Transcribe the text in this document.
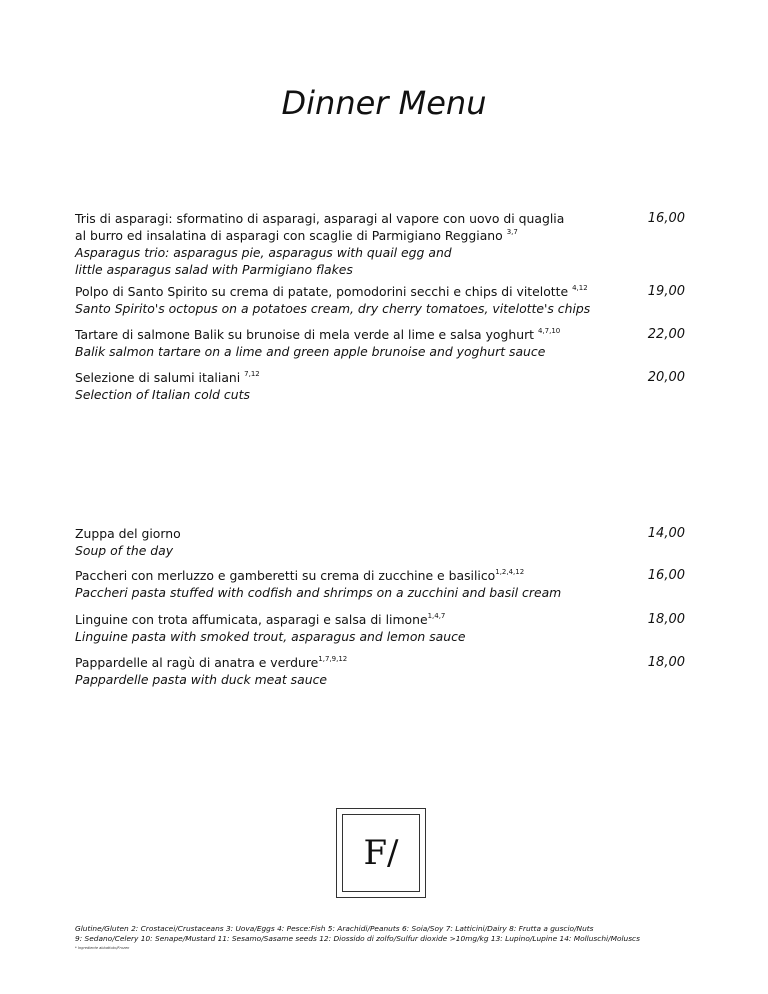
Dinner Menu
Tris di asparagi: sformatino di asparagi, asparagi al vapore con uovo di quaglia
al burro ed insalatina di asparagi con scaglie di Parmigiano Reggiano $^{3,7}$
Asparagus trio: asparagus pie, asparagus with quail egg and
little asparagus salad with Parmigiano flakes
16,00
Polpo di Santo Spirito su crema di patate, pomodorini secchi e chips di vitelotte $^{4,12}$
Santo Spirito's octopus on a potatoes cream, dry cherry tomatoes, vitelotte's chips
19,00
Tartare di salmone Balik su brunoise di mela verde al lime e salsa yoghurt $^{4,7,10}$
Balik salmon tartare on a lime and green apple brunoise and yoghurt sauce
22,00
Selezione di salumi italiani $^{7,12}$
Selection of Italian cold cuts
20,00
Zuppa del giorno
Soup of the day
14,00
Paccheri con merluzzo e gamberetti su crema di zucchine e basilico$^{1,2,4,12}$
Paccheri pasta stuffed with codfish and shrimps on a zucchini and basil cream
16,00
Linguine con trota affumicata, asparagi e salsa di limone$^{1,4,7}$
Linguine pasta with smoked trout, asparagus and lemon sauce
18,00
Pappardelle al ragù di anatra e verdure$^{1,7,9,12}$
Pappardelle pasta with duck meat sauce
18,00
F/
Glutine/Gluten 2: Crostacei/Crustaceans 3: Uova/Eggs 4: Pesce:Fish 5: Arachidi/Peanuts 6: Soia/Soy 7: Latticini/Dairy 8: Frutta a guscio/Nuts
9: Sedano/Celery 10: Senape/Mustard 11: Sesamo/Sasame seeds 12: Diossido di zolfo/Sulfur dioxide >10mg/kg 13: Lupino/Lupine 14: Molluschi/Moluscs
* Ingrediente abbattuto/Frozen
